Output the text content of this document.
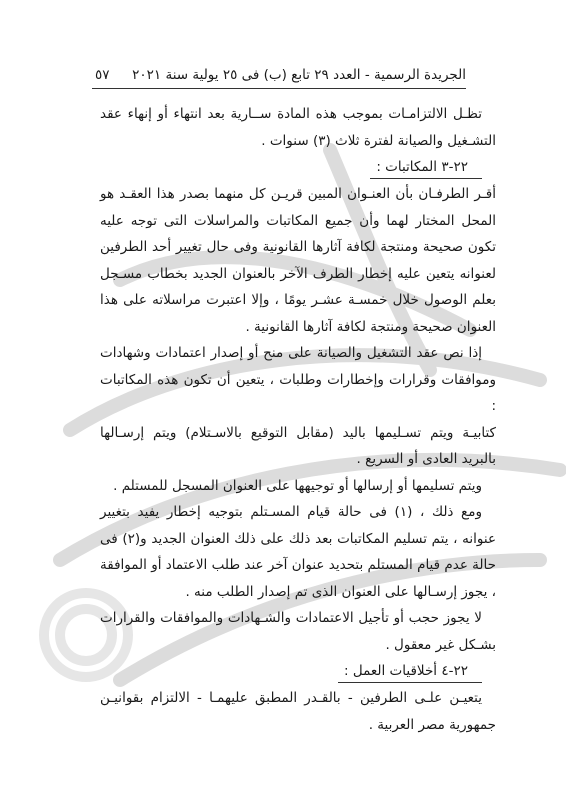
٥٧ الجريدة الرسمية - العدد ٢٩ تابع (ب) فى ٢٥ يولية سنة ٢٠٢١

تظـل الالتزامـات بموجب هذه المادة ســارية بعد انتهاء أو إنهاء عقد التشـغيل والصيانة لفترة ثلاث (٣) سنوات .

٢٢-٣ المكاتبات :

أقـر الطرفـان بأن العنـوان المبين قريـن كل منهما بصدر هذا العقـد هو المحل المختار لهما وأن جميع المكاتبات والمراسلات التى توجه عليه تكون صحيحة ومنتجة لكافة آثارها القانونية وفى حال تغيير أحد الطرفين لعنوانه يتعين عليه إخطار الطرف الآخر بالعنوان الجديد بخطاب مسـجل بعلم الوصول خلال خمسـة عشـر يومًا ، وإلا اعتبرت مراسلاته على هذا العنوان صحيحة ومنتجة لكافة آثارها القانونية .

إذا نص عقد التشغيل والصيانة على منح أو إصدار اعتمادات وشهادات وموافقات وقرارات وإخطارات وطلبات ، يتعين أن تكون هذه المكاتبات :

كتابيـة ويتم تسـليمها باليد (مقابل التوقيع بالاسـتلام) ويتم إرسـالها بالبريد العادى أو السريع .

ويتم تسليمها أو إرسالها أو توجيهها على العنوان المسجل للمستلم .

ومع ذلك ، (١) فى حالة قيام المسـتلم بتوجيه إخطار يفيد بتغيير عنوانه ، يتم تسليم المكاتبات بعد ذلك على ذلك العنوان الجديد و(٢) فى حالة عدم قيام المستلم بتحديد عنوان آخر عند طلب الاعتماد أو الموافقة ، يجوز إرسـالها على العنوان الذى تم إصدار الطلب منه .

لا يجوز حجب أو تأجيل الاعتمادات والشـهادات والموافقات والقرارات بشـكل غير معقول .

٢٢-٤ أخلاقيات العمل :

يتعيـن علـى الطرفين - بالقـدر المطبق عليهمـا - الالتزام بقوانيـن جمهورية مصر العربية .
